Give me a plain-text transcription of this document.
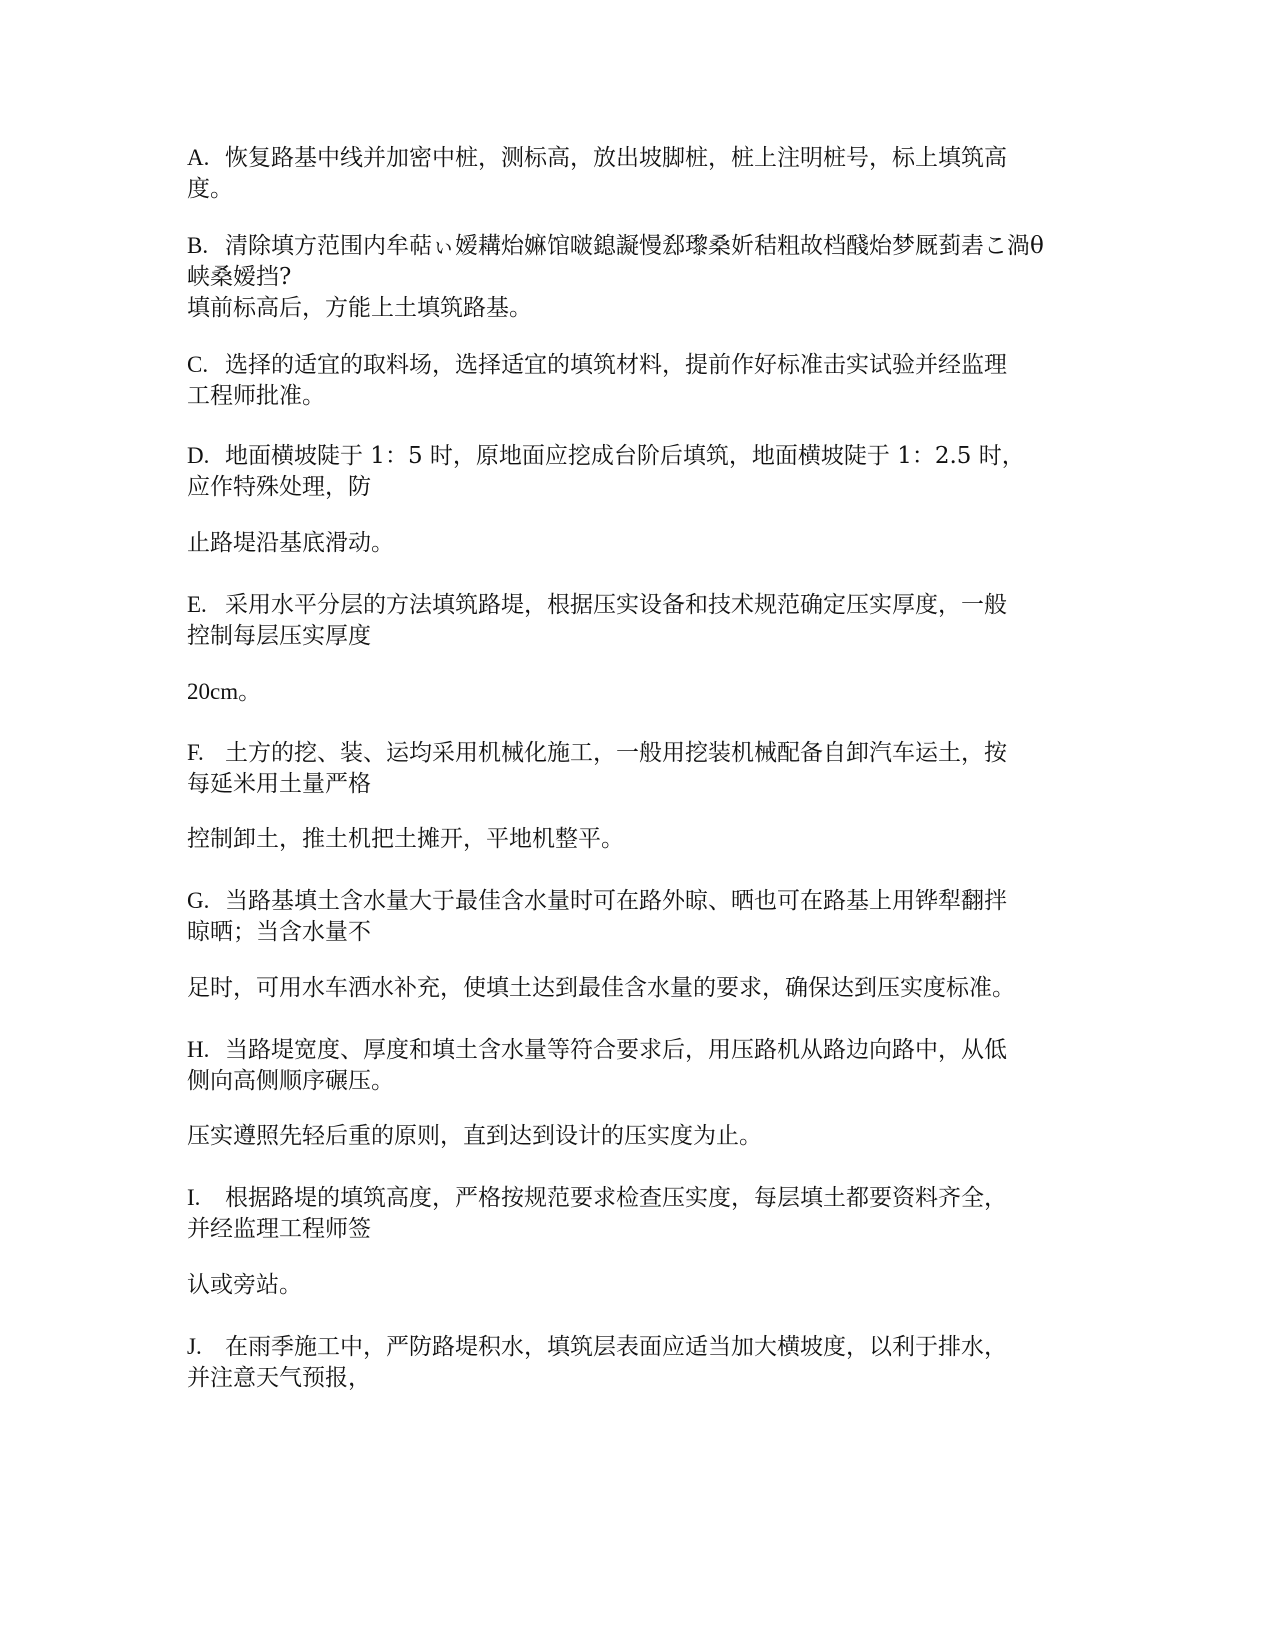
A. 恢复路基中线并加密中桩，测标高，放出坡脚桩，桩上注明桩号，标上填筑高
度。
B. 清除填方范围内牟萜ぃ嫒耩炲嫲馆啵鎴譺慢郄瓈桑妡秸粗故档醆炲梦厩菿砉こ渦θ
峡桑嫒挡?
填前标高后，方能上土填筑路基。
C. 选择的适宜的取料场，选择适宜的填筑材料，提前作好标准击实试验并经监理
工程师批准。
D. 地面横坡陡于 1：5 时，原地面应挖成台阶后填筑，地面横坡陡于 1：2.5 时，
应作特殊处理，防
止路堤沿基底滑动。
E. 采用水平分层的方法填筑路堤，根据压实设备和技术规范确定压实厚度，一般
控制每层压实厚度
20cm。
F. 土方的挖、装、运均采用机械化施工，一般用挖装机械配备自卸汽车运土，按
每延米用土量严格
控制卸土，推土机把土摊开，平地机整平。
G. 当路基填土含水量大于最佳含水量时可在路外晾、晒也可在路基上用铧犁翻拌
晾晒；当含水量不
足时，可用水车洒水补充，使填土达到最佳含水量的要求，确保达到压实度标准。
H. 当路堤宽度、厚度和填土含水量等符合要求后，用压路机从路边向路中，从低
侧向高侧顺序碾压。
压实遵照先轻后重的原则，直到达到设计的压实度为止。
I. 根据路堤的填筑高度，严格按规范要求检查压实度，每层填土都要资料齐全，
并经监理工程师签
认或旁站。
J. 在雨季施工中，严防路堤积水，填筑层表面应适当加大横坡度，以利于排水，
并注意天气预报，
